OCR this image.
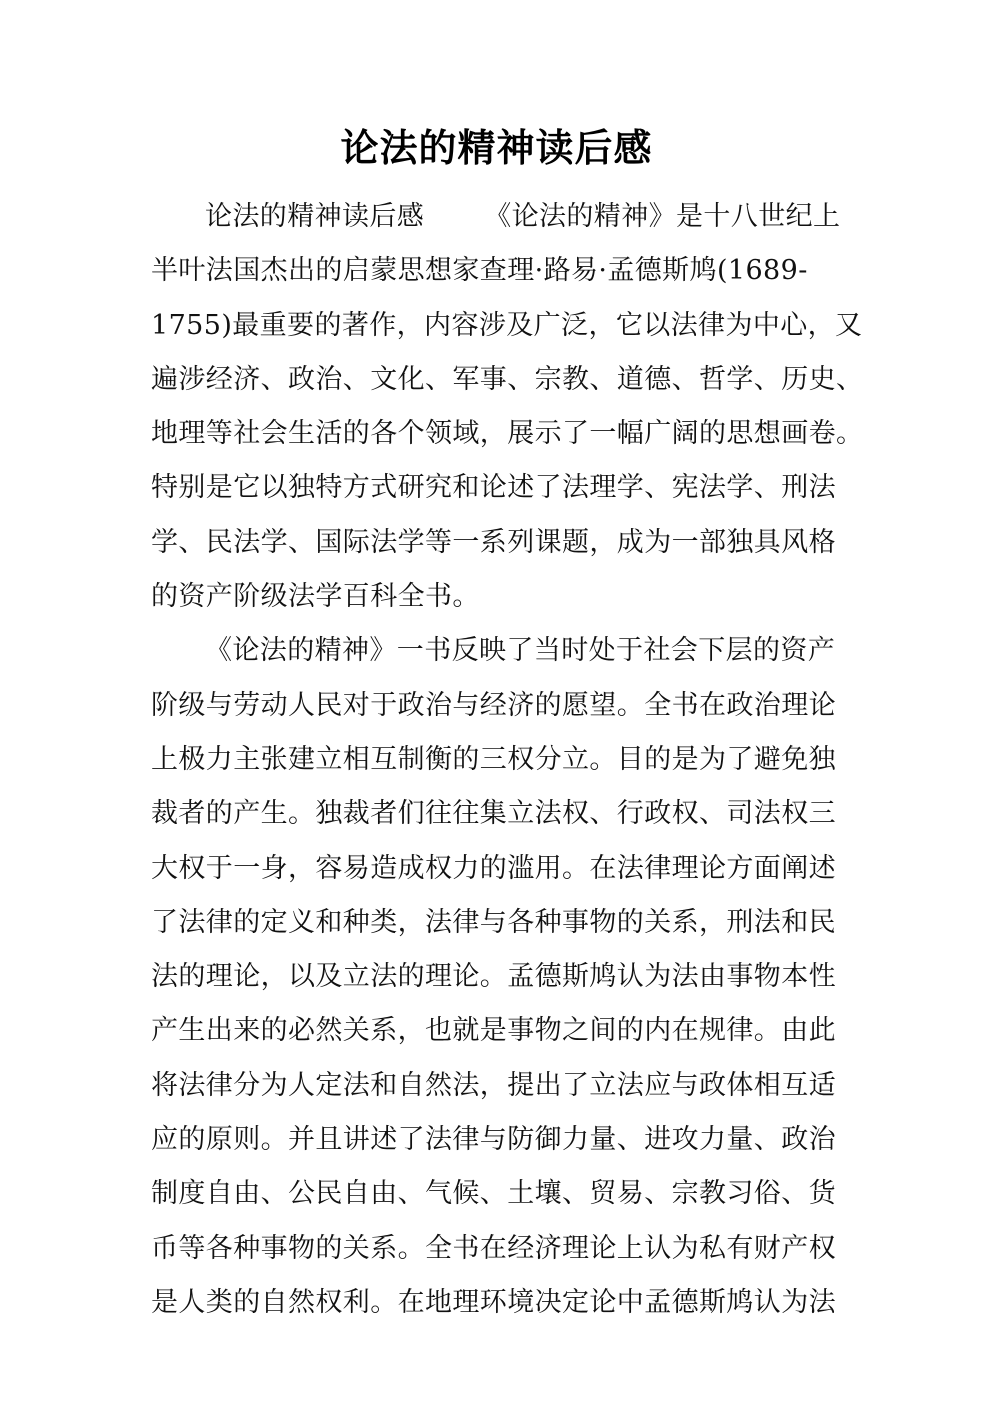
论法的精神读后感
论法的精神读后感 《论法的精神》是十八世纪上
半叶法国杰出的启蒙思想家查理·路易·孟德斯鸠(1689-
1755)最重要的著作，内容涉及广泛，它以法律为中心，又
遍涉经济、政治、文化、军事、宗教、道德、哲学、历史、
地理等社会生活的各个领域，展示了一幅广阔的思想画卷。
特别是它以独特方式研究和论述了法理学、宪法学、刑法
学、民法学、国际法学等一系列课题，成为一部独具风格
的资产阶级法学百科全书。
《论法的精神》一书反映了当时处于社会下层的资产
阶级与劳动人民对于政治与经济的愿望。全书在政治理论
上极力主张建立相互制衡的三权分立。目的是为了避免独
裁者的产生。独裁者们往往集立法权、行政权、司法权三
大权于一身，容易造成权力的滥用。在法律理论方面阐述
了法律的定义和种类，法律与各种事物的关系，刑法和民
法的理论，以及立法的理论。孟德斯鸠认为法由事物本性
产生出来的必然关系，也就是事物之间的内在规律。由此
将法律分为人定法和自然法，提出了立法应与政体相互适
应的原则。并且讲述了法律与防御力量、进攻力量、政治
制度自由、公民自由、气候、土壤、贸易、宗教习俗、货
币等各种事物的关系。全书在经济理论上认为私有财产权
是人类的自然权利。在地理环境决定论中孟德斯鸠认为法
